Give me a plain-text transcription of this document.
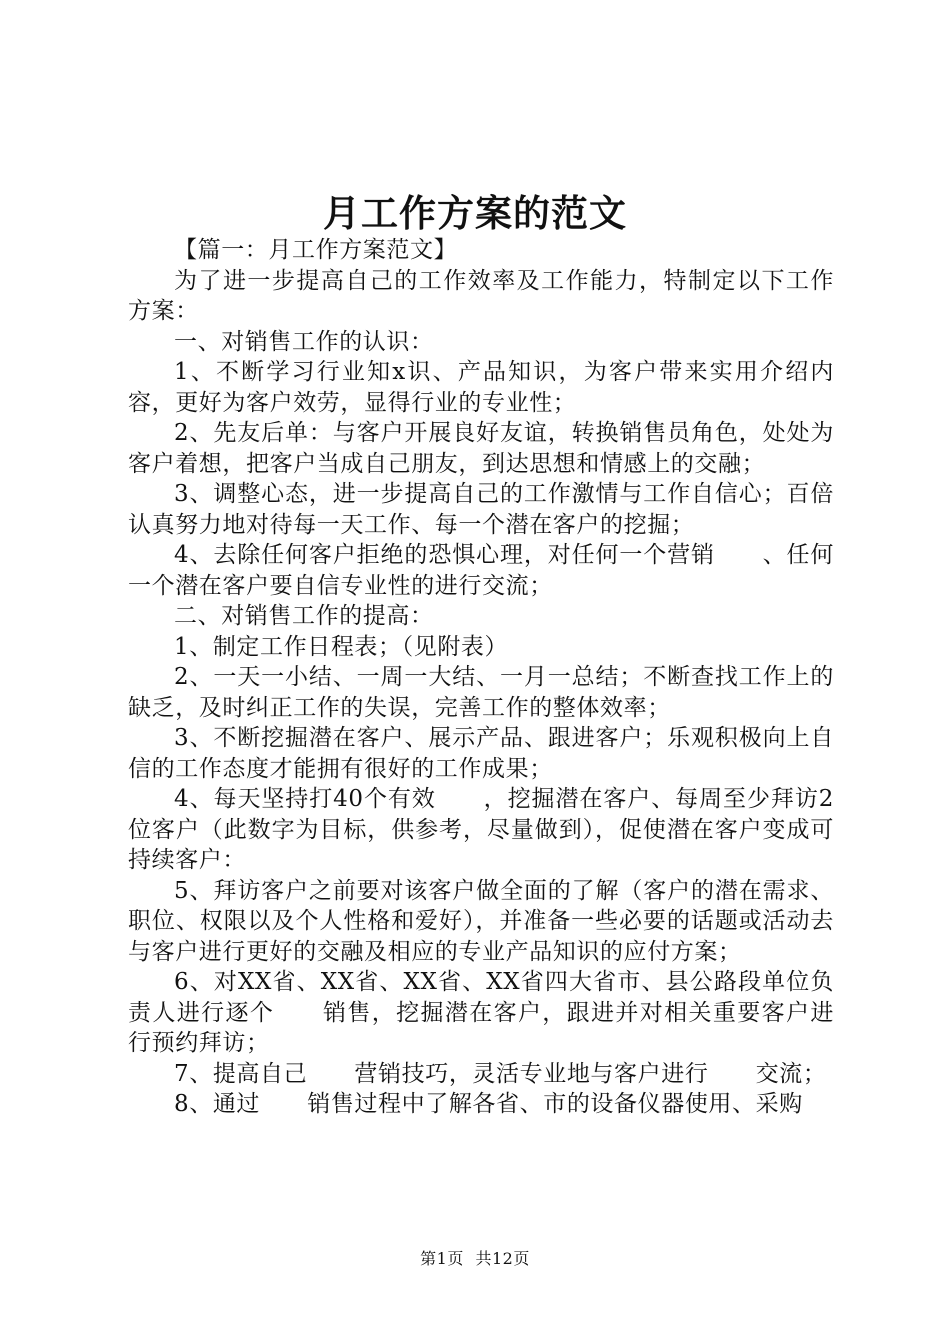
月工作方案的范文

【篇一：月工作方案范文】

为了进一步提高自己的工作效率及工作能力，特制定以下工作方案：

一、对销售工作的认识：

1、不断学习行业知x识、产品知识，为客户带来实用介绍内容，更好为客户效劳，显得行业的专业性；

2、先友后单：与客户开展良好友谊，转换销售员角色，处处为客户着想，把客户当成自己朋友，到达思想和情感上的交融；

3、调整心态，进一步提高自己的工作激情与工作自信心；百倍认真努力地对待每一天工作、每一个潜在客户的挖掘；

4、去除任何客户拒绝的恐惧心理，对任何一个营销　　、任何一个潜在客户要自信专业性的进行交流；

二、对销售工作的提高：

1、制定工作日程表；（见附表）

2、一天一小结、一周一大结、一月一总结；不断查找工作上的缺乏，及时纠正工作的失误，完善工作的整体效率；

3、不断挖掘潜在客户、展示产品、跟进客户；乐观积极向上自信的工作态度才能拥有很好的工作成果；

4、每天坚持打40个有效　　，挖掘潜在客户、每周至少拜访2位客户（此数字为目标，供参考，尽量做到），促使潜在客户变成可持续客户：

5、拜访客户之前要对该客户做全面的了解（客户的潜在需求、职位、权限以及个人性格和爱好），并准备一些必要的话题或活动去与客户进行更好的交融及相应的专业产品知识的应付方案；

6、对XX省、XX省、XX省、XX省四大省市、县公路段单位负责人进行逐个　　销售，挖掘潜在客户，跟进并对相关重要客户进行预约拜访；

7、提高自己　　营销技巧，灵活专业地与客户进行　　交流；

8、通过　　销售过程中了解各省、市的设备仪器使用、采购

第1页 共12页
